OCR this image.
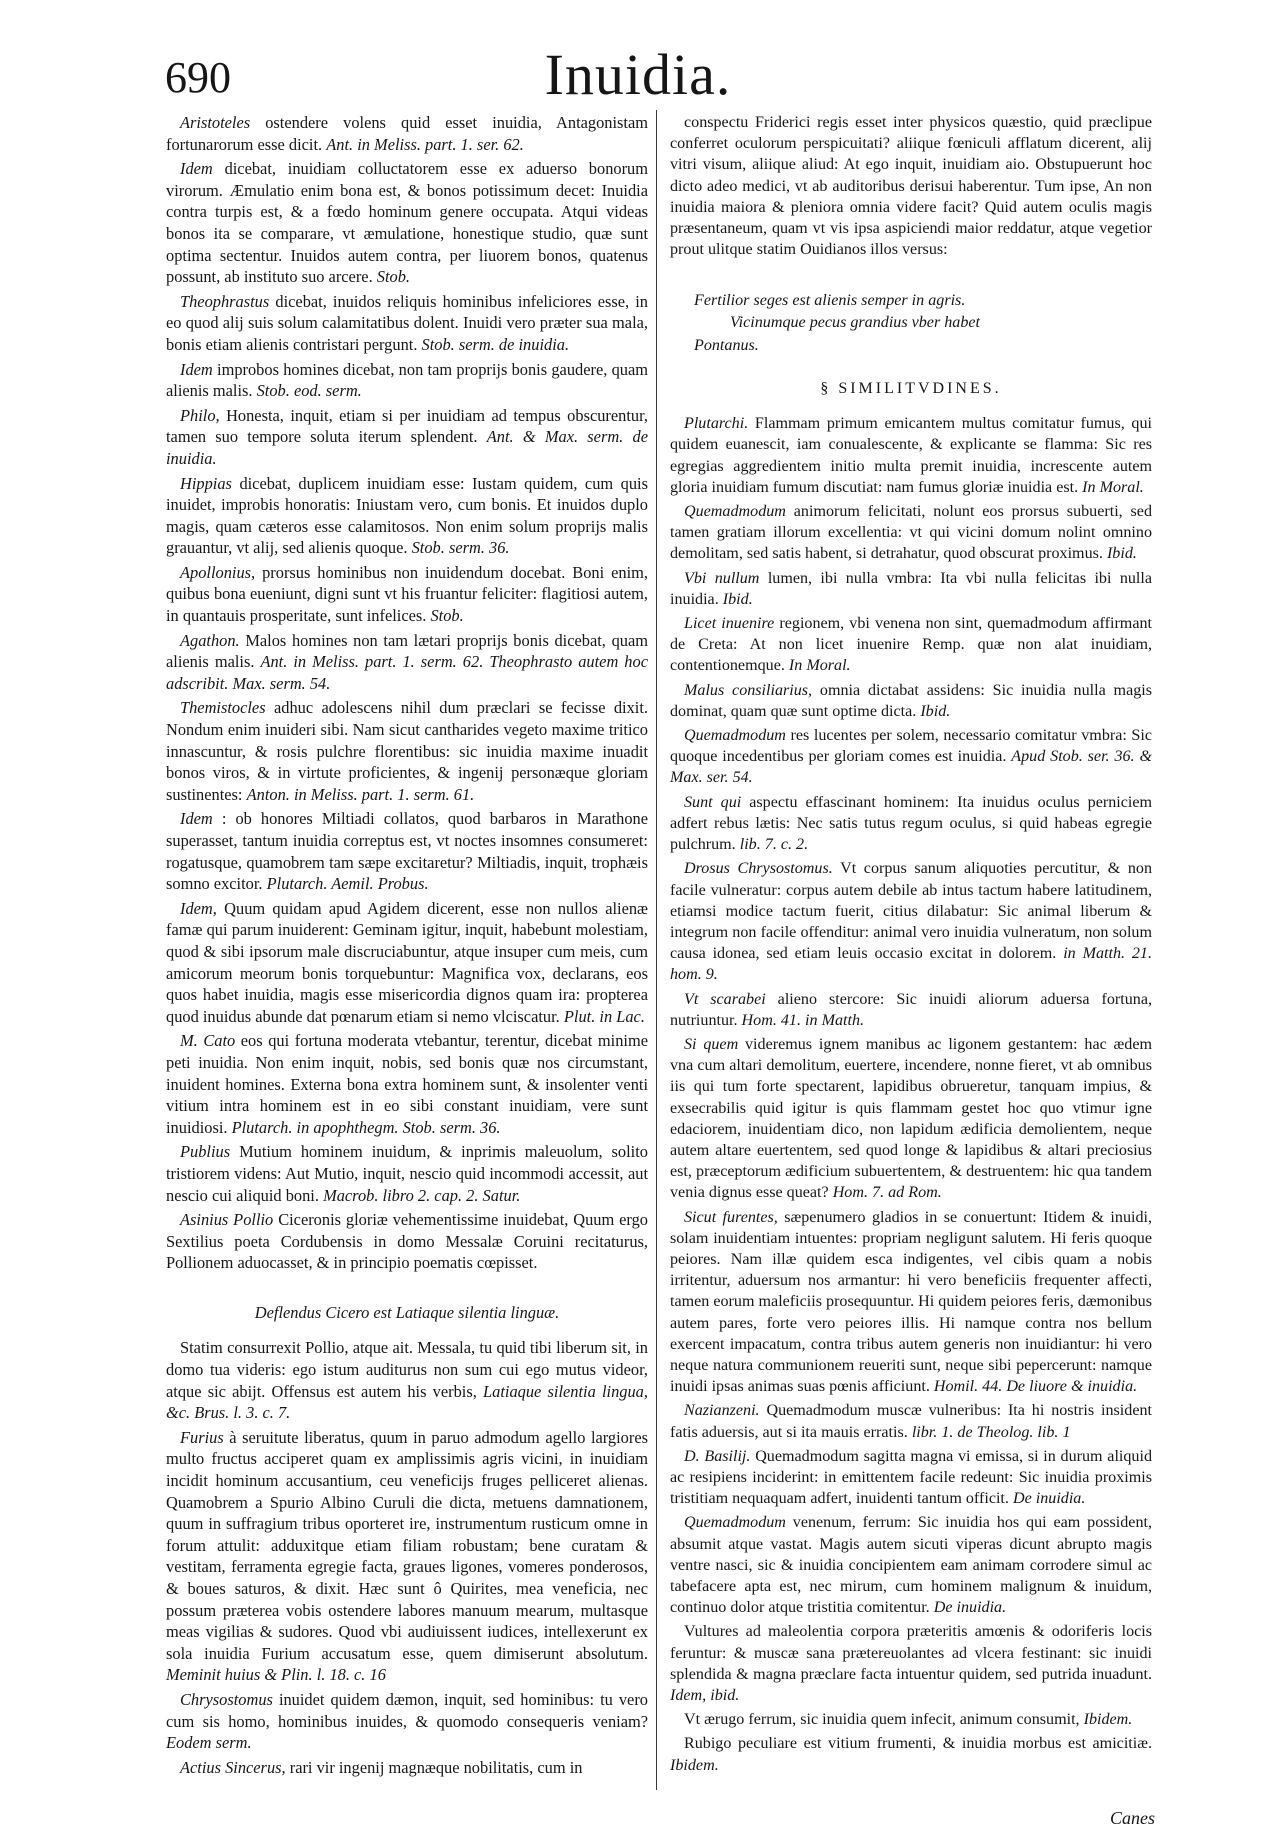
690	Inuidia.

Aristoteles ostendere volens quid esset inuidia, Antagonistam fortunarorum esse dicit. Ant. in Meliss. part. 1. ser. 62.

Idem dicebat, inuidiam colluctatorem esse ex aduerso bonorum virorum. Æmulatio enim bona est, & bonos potissimum decet: Inuidia contra turpis est, & a fœdo hominum genere occupata. Atqui videas bonos ita se comparare, vt æmulatione, honestique studio, quæ sunt optima sectentur. Inuidos autem contra, per liuorem bonos, quatenus possunt, ab instituto suo arcere. Stob.

Theophrastus dicebat, inuidos reliquis hominibus infeliciores esse, in eo quod alij suis solum calamitatibus dolent. Inuidi vero præter sua mala, bonis etiam alienis contristari pergunt. Stob. serm. de inuidia.

Idem improbos homines dicebat, non tam proprijs bonis gaudere, quam alienis malis. Stob. eod. serm.

Philo, Honesta, inquit, etiam si per inuidiam ad tempus obscurentur, tamen suo tempore soluta iterum splendent. Ant. & Max. serm. de inuidia.

Hippias dicebat, duplicem inuidiam esse: Iustam quidem, cum quis inuidet, improbis honoratis: Iniustam vero, cum bonis. Et inuidos duplo magis, quam cæteros esse calamitosos. Non enim solum proprijs malis grauantur, vt alij, sed alienis quoque. Stob. serm. 36.

Apollonius, prorsus hominibus non inuidendum docebat. Boni enim, quibus bona eueniunt, digni sunt vt his fruantur feliciter: flagitiosi autem, in quantauis prosperitate, sunt infelices. Stob.

Agathon. Malos homines non tam lætari proprijs bonis dicebat, quam alienis malis. Ant. in Meliss. part. 1. serm. 62. Theophrasto autem hoc adscribit. Max. serm. 54.

Themistocles adhuc adolescens nihil dum præclari se fecisse dixit. Nondum enim inuideri sibi. Nam sicut cantharides vegeto maxime tritico innascuntur, & rosis pulchre florentibus: sic inuidia maxime inuadit bonos viros, & in virtute proficientes, & ingenij personæque gloriam sustinentes: Anton. in Meliss. part. 1. serm. 61.

Idem : ob honores Miltiadi collatos, quod barbaros in Marathone superasset, tantum inuidia correptus est, vt noctes insomnes consumeret: rogatusque, quamobrem tam sæpe excitaretur? Miltiadis, inquit, trophæis somno excitor. Plutarch. Aemil. Probus.

Idem, Quum quidam apud Agidem dicerent, esse non nullos alienæ famæ qui parum inuiderent: Geminam igitur, inquit, habebunt molestiam, quod & sibi ipsorum male discruciabuntur, atque insuper cum meis, cum amicorum meorum bonis torquebuntur: Magnifica vox, declarans, eos quos habet inuidia, magis esse misericordia dignos quam ira: propterea quod inuidus abunde dat pœnarum etiam si nemo vlciscatur. Plut. in Lac.

M. Cato eos qui fortuna moderata vtebantur, terentur, dicebat minime peti inuidia. Non enim inquit, nobis, sed bonis quæ nos circumstant, inuident homines. Externa bona extra hominem sunt, & insolenter venti vitium intra hominem est in eo sibi constant inuidiam, vere sunt inuidiosi. Plutarch. in apophthegm. Stob. serm. 36.

Publius Mutium hominem inuidum, & inprimis maleuolum, solito tristiorem videns: Aut Mutio, inquit, nescio quid incommodi accessit, aut nescio cui aliquid boni. Macrob. libro 2. cap. 2. Satur.

Asinius Pollio Ciceronis gloriæ vehementissime inuidebat, Quum ergo Sextilius poeta Cordubensis in domo Messalæ Coruini recitaturus, Pollionem aduocasset, & in principio poematis cœpisset.

Deflendus Cicero est Latiaque silentia linguæ.

Statim consurrexit Pollio, atque ait. Messala, tu quid tibi liberum sit, in domo tua videris: ego istum auditurus non sum cui ego mutus videor, atque sic abijt. Offensus est autem his verbis, Latiaque silentia lingua, &c. Brus. l. 3. c. 7.

Furius à seruitute liberatus, quum in paruo admodum agello largiores multo fructus acciperet quam ex amplissimis agris vicini, in inuidiam incidit hominum accusantium, ceu veneficijs fruges pelliceret alienas. Quamobrem a Spurio Albino Curuli die dicta, metuens damnationem, quum in suffragium tribus oporteret ire, instrumentum rusticum omne in forum attulit: adduxitque etiam filiam robustam; bene curatam & vestitam, ferramenta egregie facta, graues ligones, vomeres ponderosos, & boues saturos, & dixit. Hæc sunt ô Quirites, mea veneficia, nec possum præterea vobis ostendere labores manuum mearum, multasque meas vigilias & sudores. Quod vbi audiuissent iudices, intellexerunt ex sola inuidia Furium accusatum esse, quem dimiserunt absolutum. Meminit huius & Plin. l. 18. c. 16

Chrysostomus inuidet quidem dæmon, inquit, sed hominibus: tu vero cum sis homo, hominibus inuides, & quomodo consequeris veniam? Eodem serm.

Actius Sincerus, rari vir ingenij magnæque nobilitatis, cum in

conspectu Friderici regis esset inter physicos quæstio, quid præclipue conferret oculorum perspicuitati? aliique fœniculi afflatum dicerent, alij vitri visum, aliique aliud: At ego inquit, inuidiam aio. Obstupuerunt hoc dicto adeo medici, vt ab auditoribus derisui haberentur. Tum ipse, An non inuidia maiora & pleniora omnia videre facit? Quid autem oculis magis præsentaneum, quam vt vis ipsa aspiciendi maior reddatur, atque vegetior prout ulitque statim Ouidianos illos versus:

Fertilior seges est alienis semper in agris.
Vicinumque pecus grandius vber habet
Pontanus.
§ SIMILITVDINES.

Plutarchi. Flammam primum emicantem multus comitatur fumus, qui quidem euanescit, iam conualescente, & explicante se flamma: Sic res egregias aggredientem initio multa premit inuidia, increscente autem gloria inuidiam fumum discutiat: nam fumus gloriæ inuidia est. In Moral.

Quemadmodum animorum felicitati, nolunt eos prorsus subuerti, sed tamen gratiam illorum excellentia: vt qui vicini domum nolint omnino demolitam, sed satis habent, si detrahatur, quod obscurat proximus. Ibid.

Vbi nullum lumen, ibi nulla vmbra: Ita vbi nulla felicitas ibi nulla inuidia. Ibid.

Licet inuenire regionem, vbi venena non sint, quemadmodum affirmant de Creta: At non licet inuenire Remp. quæ non alat inuidiam, contentionemque. In Moral.

Malus consiliarius, omnia dictabat assidens: Sic inuidia nulla magis dominat, quam quæ sunt optime dicta. Ibid.

Quemadmodum res lucentes per solem, necessario comitatur vmbra: Sic quoque incedentibus per gloriam comes est inuidia. Apud Stob. ser. 36. & Max. ser. 54.

Sunt qui aspectu effascinant hominem: Ita inuidus oculus perniciem adfert rebus lætis: Nec satis tutus regum oculus, si quid habeas egregie pulchrum. lib. 7. c. 2.

Drosus Chrysostomus. Vt corpus sanum aliquoties percutitur, & non facile vulneratur: corpus autem debile ab intus tactum habere latitudinem, etiamsi modice tactum fuerit, citius dilabatur: Sic animal liberum & integrum non facile offenditur: animal vero inuidia vulneratum, non solum causa idonea, sed etiam leuis occasio excitat in dolorem. in Matth. 21. hom. 9.

Vt scarabei alieno stercore: Sic inuidi aliorum aduersa fortuna, nutriuntur. Hom. 41. in Matth.

Si quem videremus ignem manibus ac ligonem gestantem: hac ædem vna cum altari demolitum, euertere, incendere, nonne fieret, vt ab omnibus iis qui tum forte spectarent, lapidibus obrueretur, tanquam impius, & exsecrabilis quid igitur is quis flammam gestet hoc quo vtimur igne edaciorem, inuidentiam dico, non lapidum ædificia demolientem, neque autem altare euertentem, sed quod longe & lapidibus & altari preciosius est, præceptorum ædificium subuertentem, & destruentem: hic qua tandem venia dignus esse queat? Hom. 7. ad Rom.

Sicut furentes, sæpenumero gladios in se conuertunt: Itidem & inuidi, solam inuidentiam intuentes: propriam negligunt salutem. Hi feris quoque peiores. Nam illæ quidem esca indigentes, vel cibis quam a nobis irritentur, aduersum nos armantur: hi vero beneficiis frequenter affecti, tamen eorum maleficiis prosequuntur. Hi quidem peiores feris, dæmonibus autem pares, forte vero peiores illis. Hi namque contra nos bellum exercent impacatum, contra tribus autem generis non inuidiantur: hi vero neque natura communionem reueriti sunt, neque sibi pepercerunt: namque inuidi ipsas animas suas pœnis afficiunt. Homil. 44. De liuore & inuidia.

Nazianzeni. Quemadmodum muscæ vulneribus: Ita hi nostris insident fatis aduersis, aut si ita mauis erratis. libr. 1. de Theolog. lib. 1

D. Basilij. Quemadmodum sagitta magna vi emissa, si in durum aliquid ac resipiens inciderint: in emittentem facile redeunt: Sic inuidia proximis tristitiam nequaquam adfert, inuidenti tantum officit. De inuidia.

Quemadmodum venenum, ferrum: Sic inuidia hos qui eam possident, absumit atque vastat. Magis autem sicuti viperas dicunt abrupto magis ventre nasci, sic & inuidia concipientem eam animam corrodere simul ac tabefacere apta est, nec mirum, cum hominem malignum & inuidum, continuo dolor atque tristitia comitentur. De inuidia.

Vultures ad maleolentia corpora præteritis amœnis & odoriferis locis feruntur: & muscæ sana prætereuolantes ad vlcera festinant: sic inuidi splendida & magna præclare facta intuentur quidem, sed putrida inuadunt. Idem, ibid.

Vt ærugo ferrum, sic inuidia quem infecit, animum consumit, Ibidem.

Rubigo peculiare est vitium frumenti, & inuidia morbus est amicitiæ. Ibidem.

Canes
